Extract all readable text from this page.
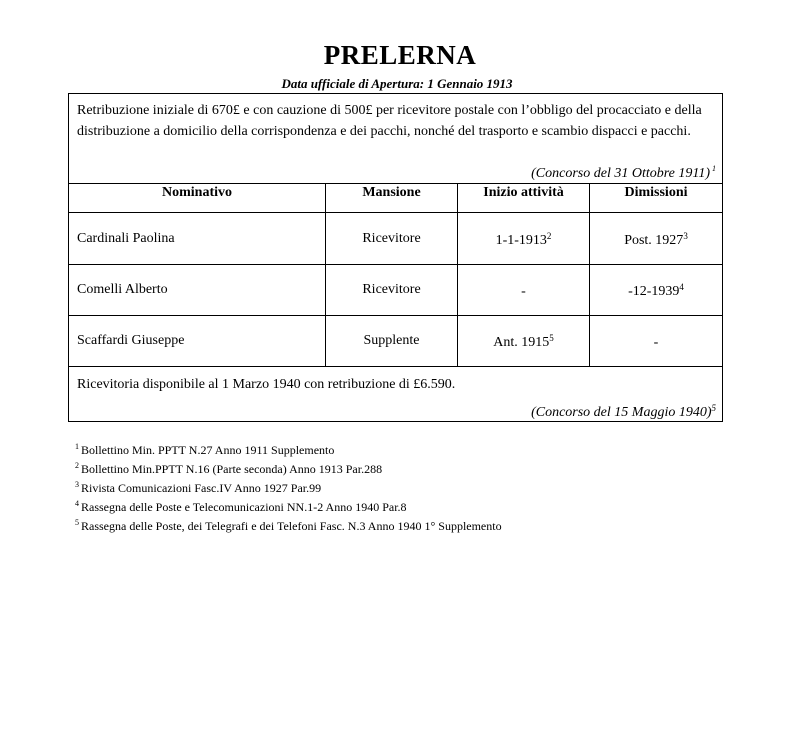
PRELERNA
Data ufficiale di Apertura: 1 Gennaio 1913
Retribuzione iniziale di 670£ e con cauzione di 500£ per ricevitore postale con l’obbligo del procacciato e della distribuzione a domicilio della corrispondenza e dei pacchi, nonché del trasporto e scambio dispacci e pacchi.
(Concorso del 31 Ottobre 1911) $^1$
Nominativo	Mansione	Inizio attività	Dimissioni
Cardinali Paolina	Ricevitore	1-1-1913$^2$	Post. 1927$^3$
Comelli Alberto	Ricevitore	-	-12-1939$^4$
Scaffardi Giuseppe	Supplente	Ant. 1915$^5$	-
Ricevitoria disponibile al 1 Marzo 1940 con retribuzione di £6.590.
(Concorso del 15 Maggio 1940)$^5$
$^1$ Bollettino Min. PPTT N.27 Anno 1911 Supplemento
$^2$ Bollettino Min.PPTT N.16 (Parte seconda) Anno 1913 Par.288
$^3$ Rivista Comunicazioni Fasc.IV Anno 1927 Par.99
$^4$ Rassegna delle Poste e Telecomunicazioni NN.1-2 Anno 1940 Par.8
$^5$ Rassegna delle Poste, dei Telegrafi e dei Telefoni Fasc. N.3 Anno 1940 1° Supplemento
